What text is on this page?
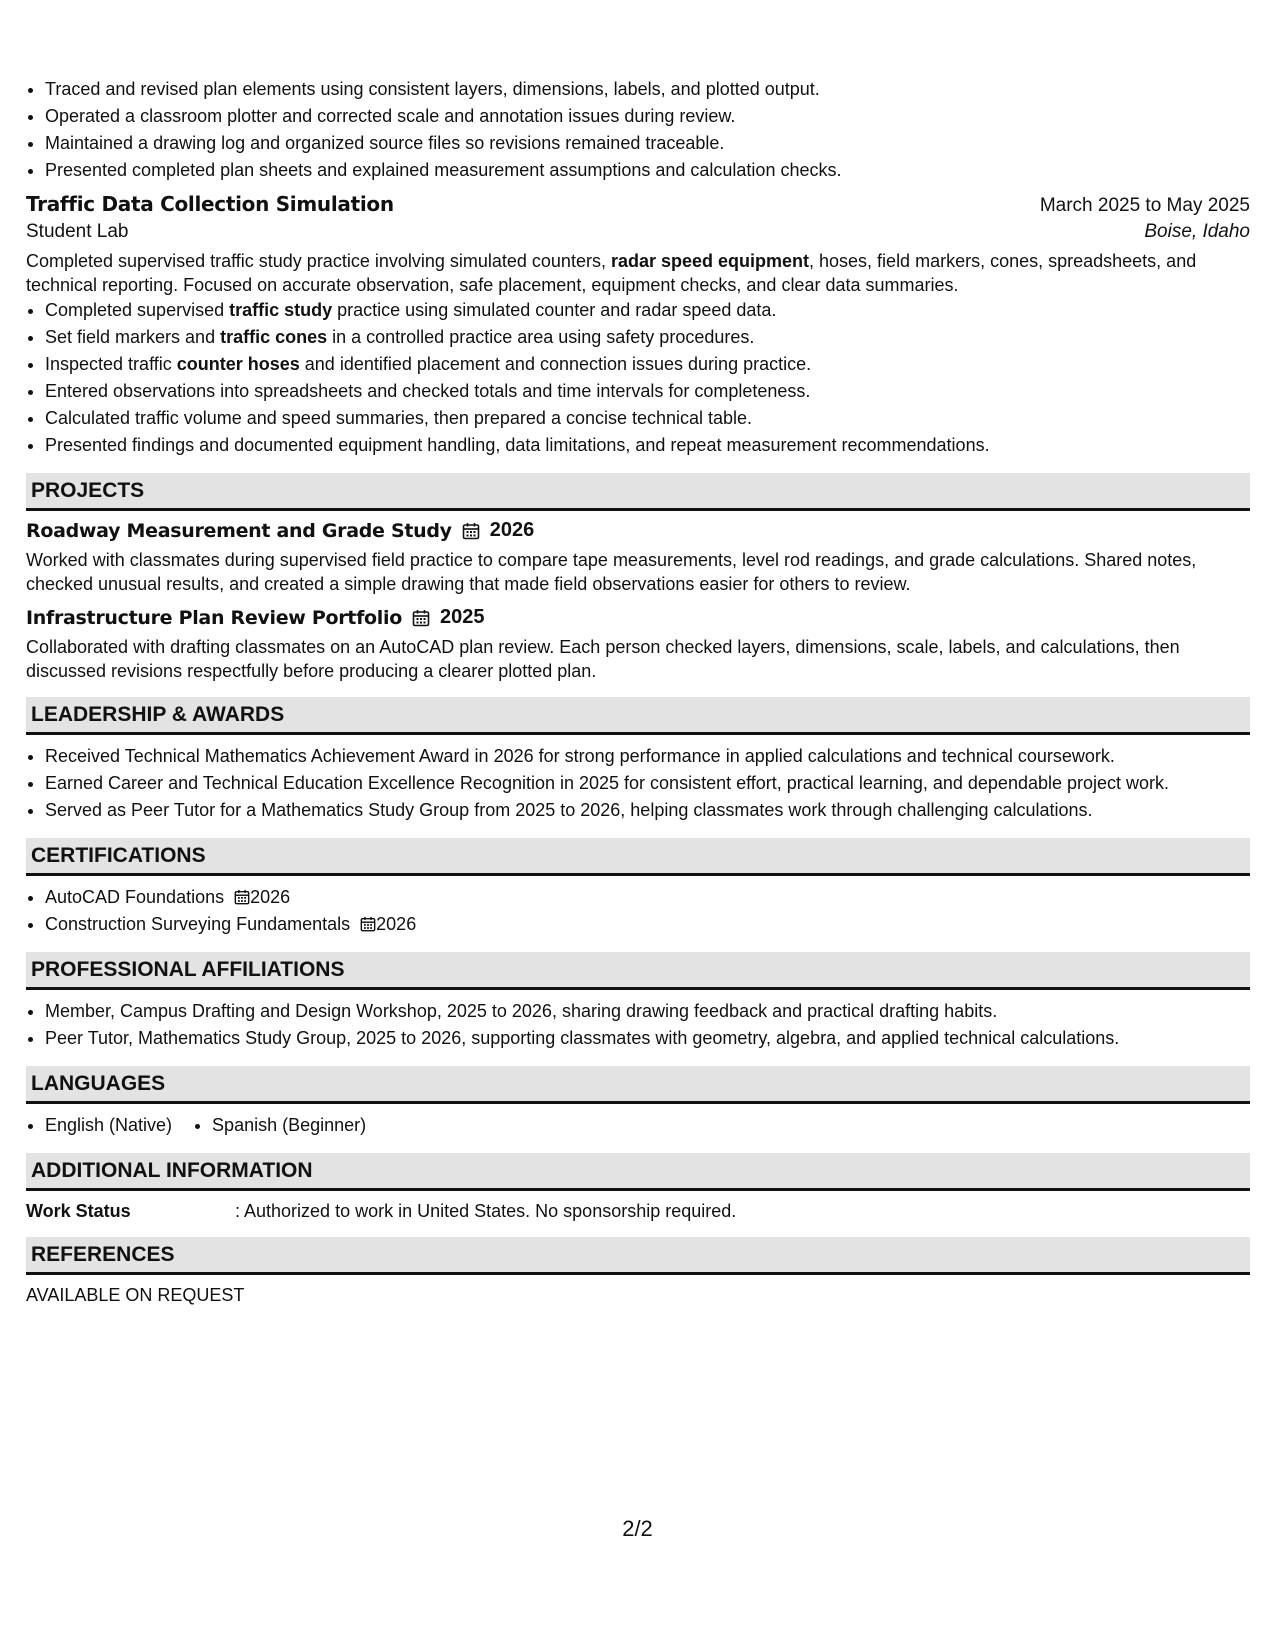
• Traced and revised plan elements using consistent layers, dimensions, labels, and plotted output.
• Operated a classroom plotter and corrected scale and annotation issues during review.
• Maintained a drawing log and organized source files so revisions remained traceable.
• Presented completed plan sheets and explained measurement assumptions and calculation checks.
Traffic Data Collection Simulation	March 2025 to May 2025
Student Lab	Boise, Idaho
Completed supervised traffic study practice involving simulated counters, radar speed equipment, hoses, field markers, cones, spreadsheets, and technical reporting. Focused on accurate observation, safe placement, equipment checks, and clear data summaries.
• Completed supervised traffic study practice using simulated counter and radar speed data.
• Set field markers and traffic cones in a controlled practice area using safety procedures.
• Inspected traffic counter hoses and identified placement and connection issues during practice.
• Entered observations into spreadsheets and checked totals and time intervals for completeness.
• Calculated traffic volume and speed summaries, then prepared a concise technical table.
• Presented findings and documented equipment handling, data limitations, and repeat measurement recommendations.
PROJECTS
Roadway Measurement and Grade Study 2026
Worked with classmates during supervised field practice to compare tape measurements, level rod readings, and grade calculations. Shared notes, checked unusual results, and created a simple drawing that made field observations easier for others to review.
Infrastructure Plan Review Portfolio 2025
Collaborated with drafting classmates on an AutoCAD plan review. Each person checked layers, dimensions, scale, labels, and calculations, then discussed revisions respectfully before producing a clearer plotted plan.
LEADERSHIP & AWARDS
• Received Technical Mathematics Achievement Award in 2026 for strong performance in applied calculations and technical coursework.
• Earned Career and Technical Education Excellence Recognition in 2025 for consistent effort, practical learning, and dependable project work.
• Served as Peer Tutor for a Mathematics Study Group from 2025 to 2026, helping classmates work through challenging calculations.
CERTIFICATIONS
• AutoCAD Foundations 2026
• Construction Surveying Fundamentals 2026
PROFESSIONAL AFFILIATIONS
• Member, Campus Drafting and Design Workshop, 2025 to 2026, sharing drawing feedback and practical drafting habits.
• Peer Tutor, Mathematics Study Group, 2025 to 2026, supporting classmates with geometry, algebra, and applied technical calculations.
LANGUAGES
• English (Native)
• Spanish (Beginner)
ADDITIONAL INFORMATION
Work Status	: Authorized to work in United States. No sponsorship required.
REFERENCES
AVAILABLE ON REQUEST
2/2
